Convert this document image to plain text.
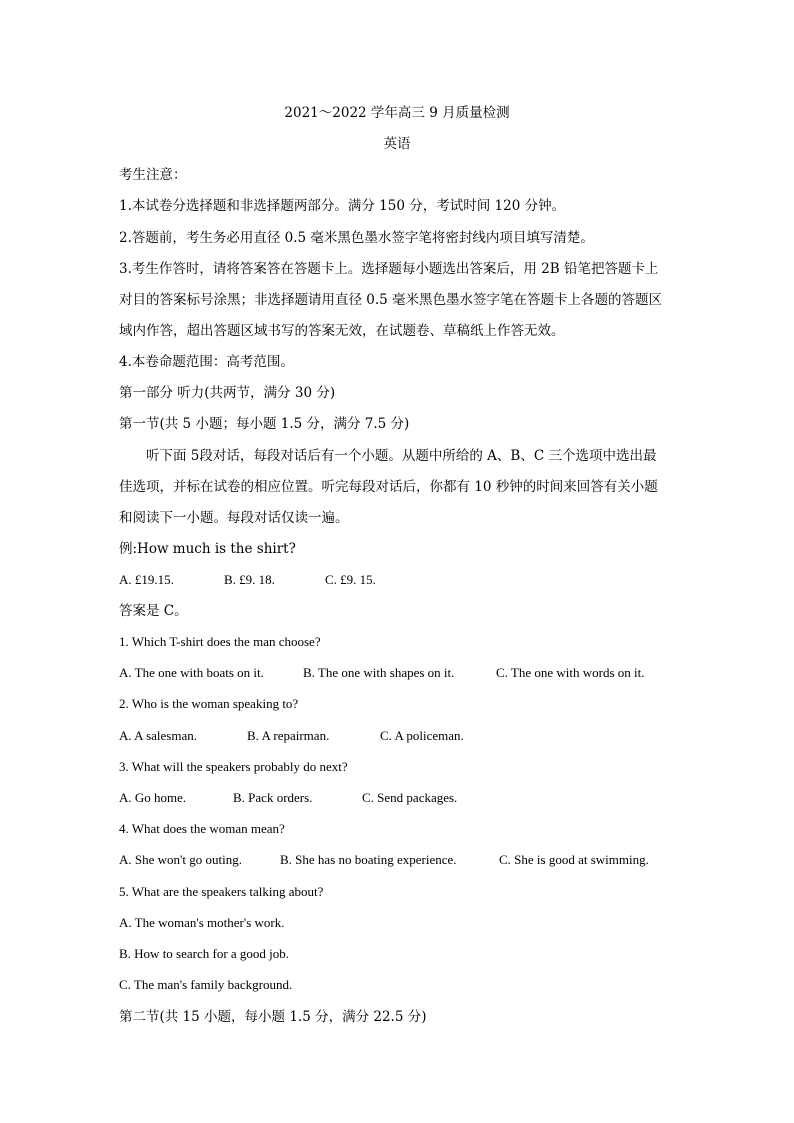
2021～2022 学年高三 9 月质量检测
英语
考生注意：
1.本试卷分选择题和非选择题两部分。满分 150 分，考试时间 120 分钟。
2.答题前，考生务必用直径 0.5 毫米黑色墨水签字笔将密封线内项目填写清楚。
3.考生作答时，请将答案答在答题卡上。选择题每小题选出答案后，用 2B 铅笔把答题卡上
对目的答案标号涂黑；非选择题请用直径 0.5 毫米黑色墨水签字笔在答题卡上各题的答题区
域内作答，超出答题区域书写的答案无效，在试题卷、草稿纸上作答无效。
4.本卷命题范围：高考范围。
第一部分 听力(共两节，满分 30 分)
第一节(共 5 小题；每小题 1.5 分，满分 7.5 分)
听下面 5段对话，每段对话后有一个小题。从题中所给的 A、B、C 三个选项中选出最
佳选项，并标在试卷的相应位置。听完每段对话后，你都有 10 秒钟的时间来回答有关小题
和阅读下一小题。每段对话仅读一遍。
例:How much is the shirt?
A. £19.15.	B. £9. 18.	C. £9. 15.
答案是 C。
1. Which T-shirt does the man choose?
A. The one with boats on it.	B. The one with shapes on it.	C. The one with words on it.
2. Who is the woman speaking to?
A. A salesman.	B. A repairman.	C. A policeman.
3. What will the speakers probably do next?
A. Go home.	B. Pack orders.	C. Send packages.
4. What does the woman mean?
A. She won't go outing.	B. She has no boating experience.	C. She is good at swimming.
5. What are the speakers talking about?
A. The woman's mother's work.
B. How to search for a good job.
C. The man's family background.
第二节(共 15 小题，每小题 1.5 分，满分 22.5 分)
